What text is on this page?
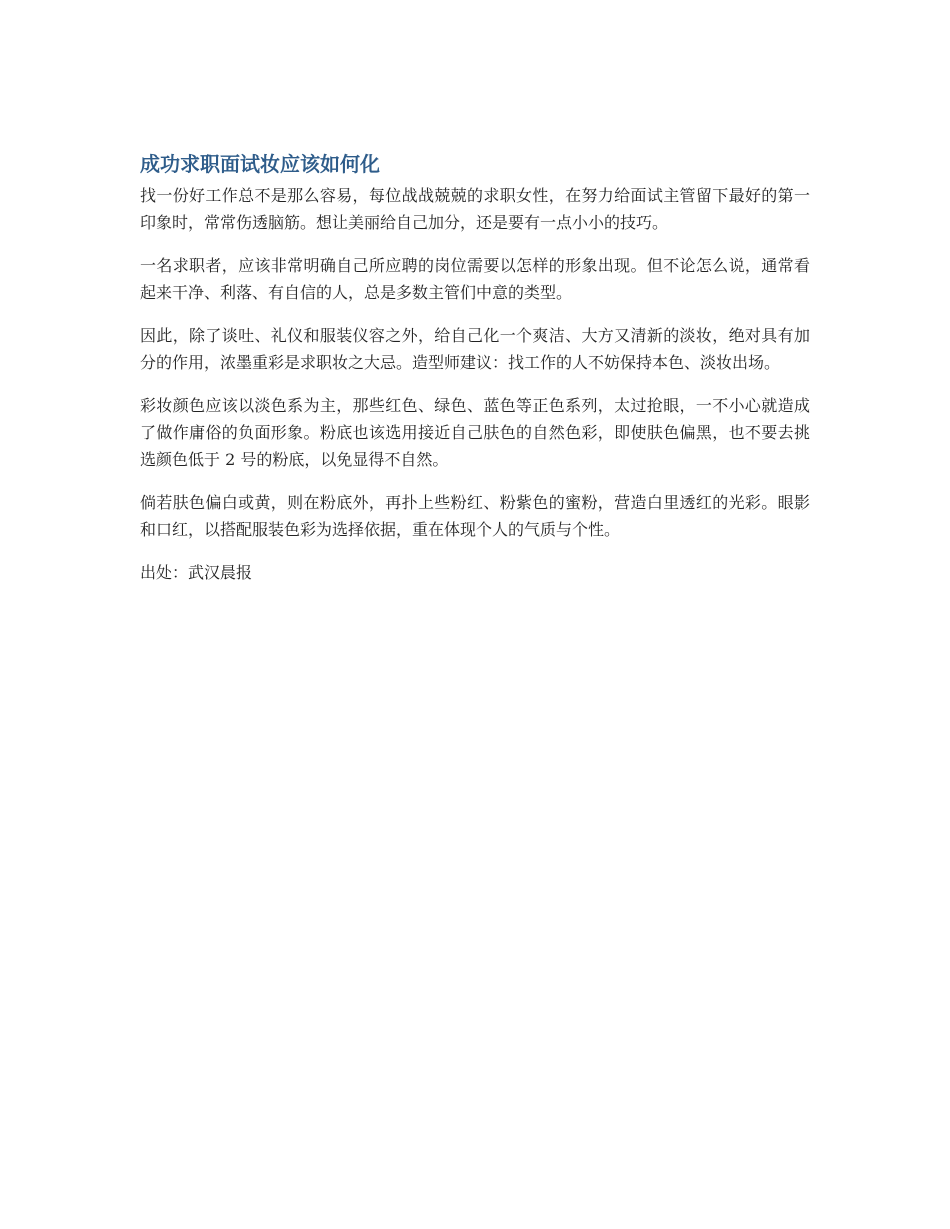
成功求职面试妆应该如何化

找一份好工作总不是那么容易，每位战战兢兢的求职女性，在努力给面试主管留下最好的第一印象时，常常伤透脑筋。想让美丽给自己加分，还是要有一点小小的技巧。

一名求职者，应该非常明确自己所应聘的岗位需要以怎样的形象出现。但不论怎么说，通常看起来干净、利落、有自信的人，总是多数主管们中意的类型。

因此，除了谈吐、礼仪和服装仪容之外，给自己化一个爽洁、大方又清新的淡妆，绝对具有加分的作用，浓墨重彩是求职妆之大忌。造型师建议：找工作的人不妨保持本色、淡妆出场。

彩妆颜色应该以淡色系为主，那些红色、绿色、蓝色等正色系列，太过抢眼，一不小心就造成了做作庸俗的负面形象。粉底也该选用接近自己肤色的自然色彩，即使肤色偏黑，也不要去挑选颜色低于 2 号的粉底，以免显得不自然。

倘若肤色偏白或黄，则在粉底外，再扑上些粉红、粉紫色的蜜粉，营造白里透红的光彩。眼影和口红，以搭配服装色彩为选择依据，重在体现个人的气质与个性。

出处：武汉晨报
